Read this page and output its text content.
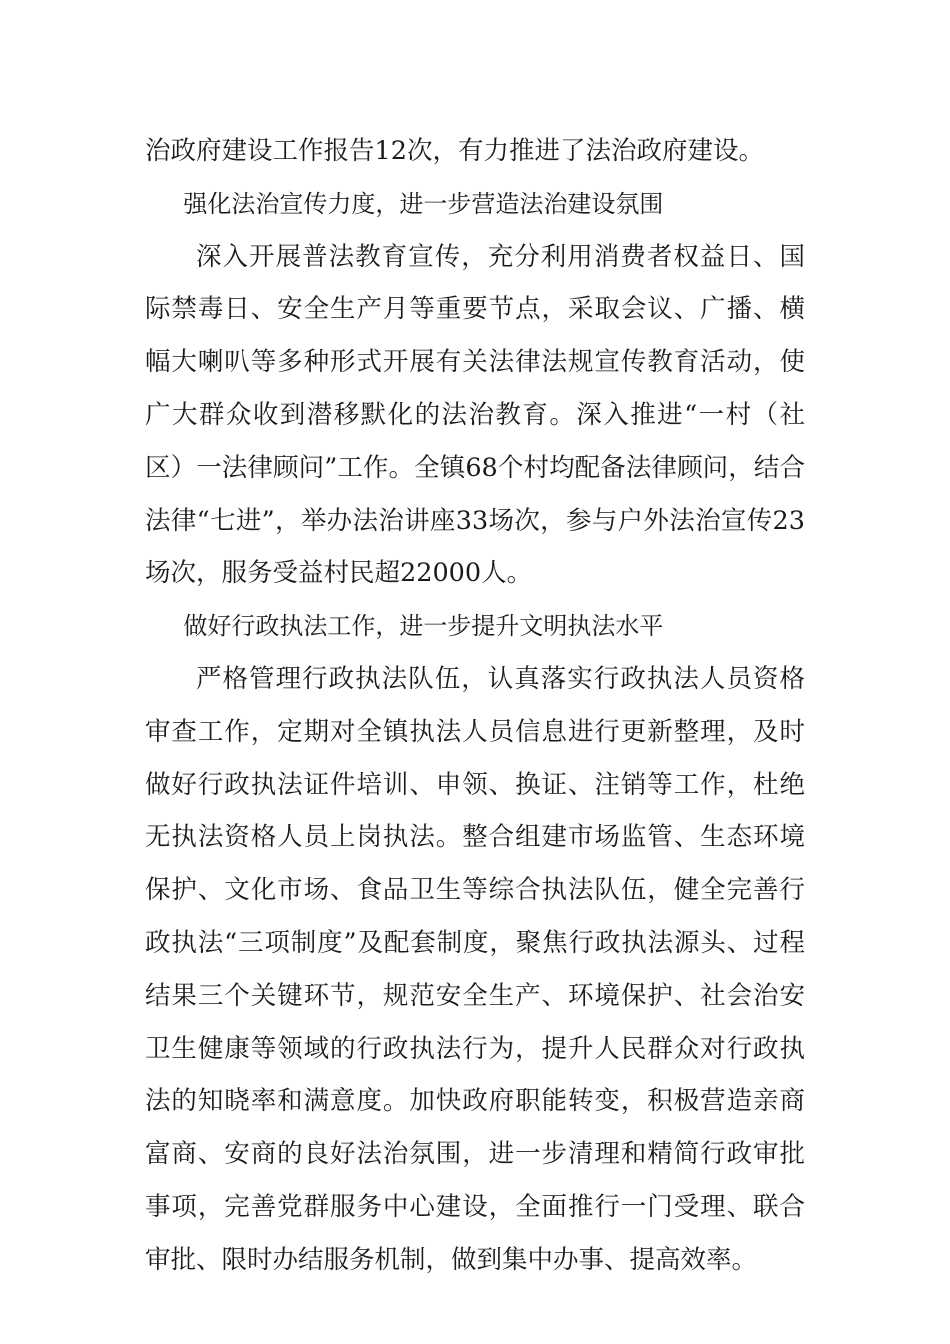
治政府建设工作报告12次，有力推进了法治政府建设。

强化法治宣传力度，进一步营造法治建设氛围

深入开展普法教育宣传，充分利用消费者权益日、国际禁毒日、安全生产月等重要节点，采取会议、广播、横幅大喇叭等多种形式开展有关法律法规宣传教育活动，使广大群众收到潜移默化的法治教育。深入推进“一村（社区）一法律顾问”工作。全镇68个村均配备法律顾问，结合法律“七进”，举办法治讲座33场次，参与户外法治宣传23场次，服务受益村民超22000人。

做好行政执法工作，进一步提升文明执法水平

严格管理行政执法队伍，认真落实行政执法人员资格审查工作，定期对全镇执法人员信息进行更新整理，及时做好行政执法证件培训、申领、换证、注销等工作，杜绝无执法资格人员上岗执法。整合组建市场监管、生态环境保护、文化市场、食品卫生等综合执法队伍，健全完善行政执法“三项制度”及配套制度，聚焦行政执法源头、过程结果三个关键环节，规范安全生产、环境保护、社会治安卫生健康等领域的行政执法行为，提升人民群众对行政执法的知晓率和满意度。加快政府职能转变，积极营造亲商富商、安商的良好法治氛围，进一步清理和精简行政审批事项，完善党群服务中心建设，全面推行一门受理、联合审批、限时办结服务机制，做到集中办事、提高效率。
